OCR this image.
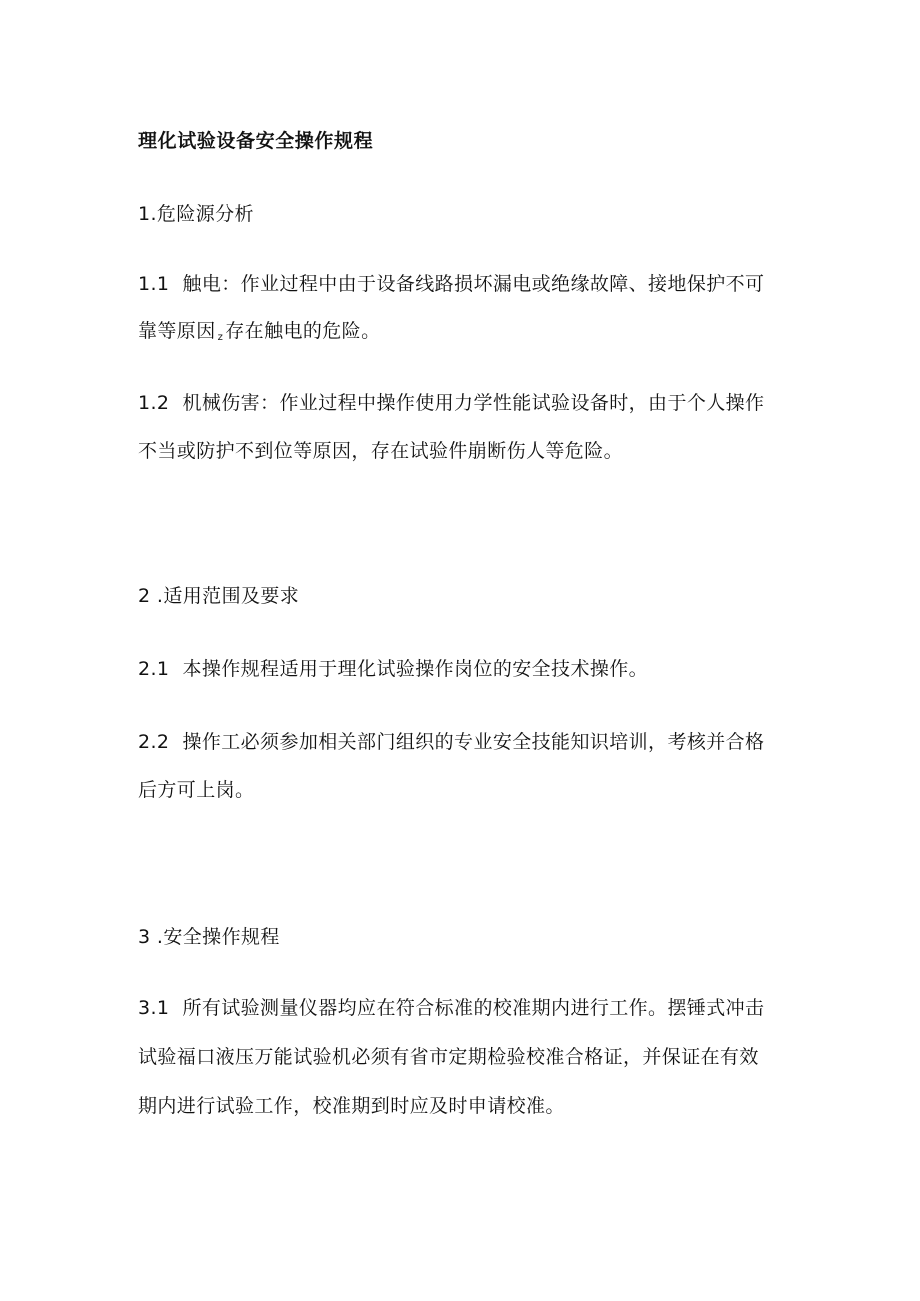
理化试验设备安全操作规程
1.危险源分析
1.1 触电：作业过程中由于设备线路损坏漏电或绝缘故障、接地保护不可
靠等原因 z 存在触电的危险。
1.2 机械伤害：作业过程中操作使用力学性能试验设备时，由于个人操作
不当或防护不到位等原因，存在试验件崩断伤人等危险。
2 .适用范围及要求
2.1 本操作规程适用于理化试验操作岗位的安全技术操作。
2.2 操作工必须参加相关部门组织的专业安全技能知识培训，考核并合格
后方可上岗。
3 .安全操作规程
3.1 所有试验测量仪器均应在符合标准的校准期内进行工作。摆锤式冲击
试验福口液压万能试验机必须有省市定期检验校准合格证，并保证在有效
期内进行试验工作，校准期到时应及时申请校准。
